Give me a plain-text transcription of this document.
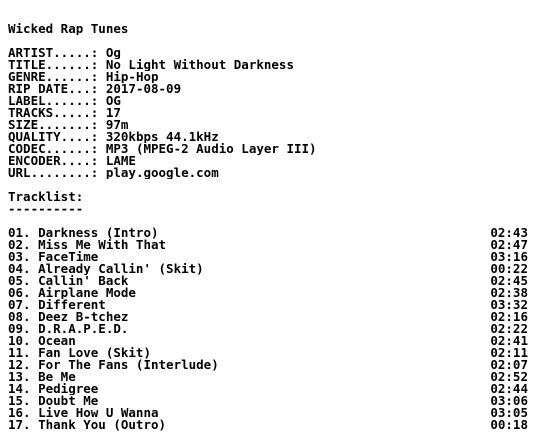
Wicked Rap Tunes
ARTIST.....: Og
TITLE......: No Light Without Darkness
GENRE......: Hip-Hop
RIP DATE...: 2017-08-09
LABEL......: OG
TRACKS.....: 17
SIZE.......: 97m
QUALITY....: 320kbps 44.1kHz
CODEC......: MP3 (MPEG-2 Audio Layer III)
ENCODER....: LAME
URL........: play.google.com
Tracklist:
----------
01. Darkness (Intro)	02:43
02. Miss Me With That	02:47
03. FaceTime	03:16
04. Already Callin' (Skit)	00:22
05. Callin' Back	02:45
06. Airplane Mode	02:38
07. Different	03:32
08. Deez B-tchez	02:16
09. D.R.A.P.E.D.	02:22
10. Ocean	02:41
11. Fan Love (Skit)	02:11
12. For The Fans (Interlude)	02:07
13. Be Me	02:52
14. Pedigree	02:44
15. Doubt Me	03:06
16. Live How U Wanna	03:05
17. Thank You (Outro)	00:18
